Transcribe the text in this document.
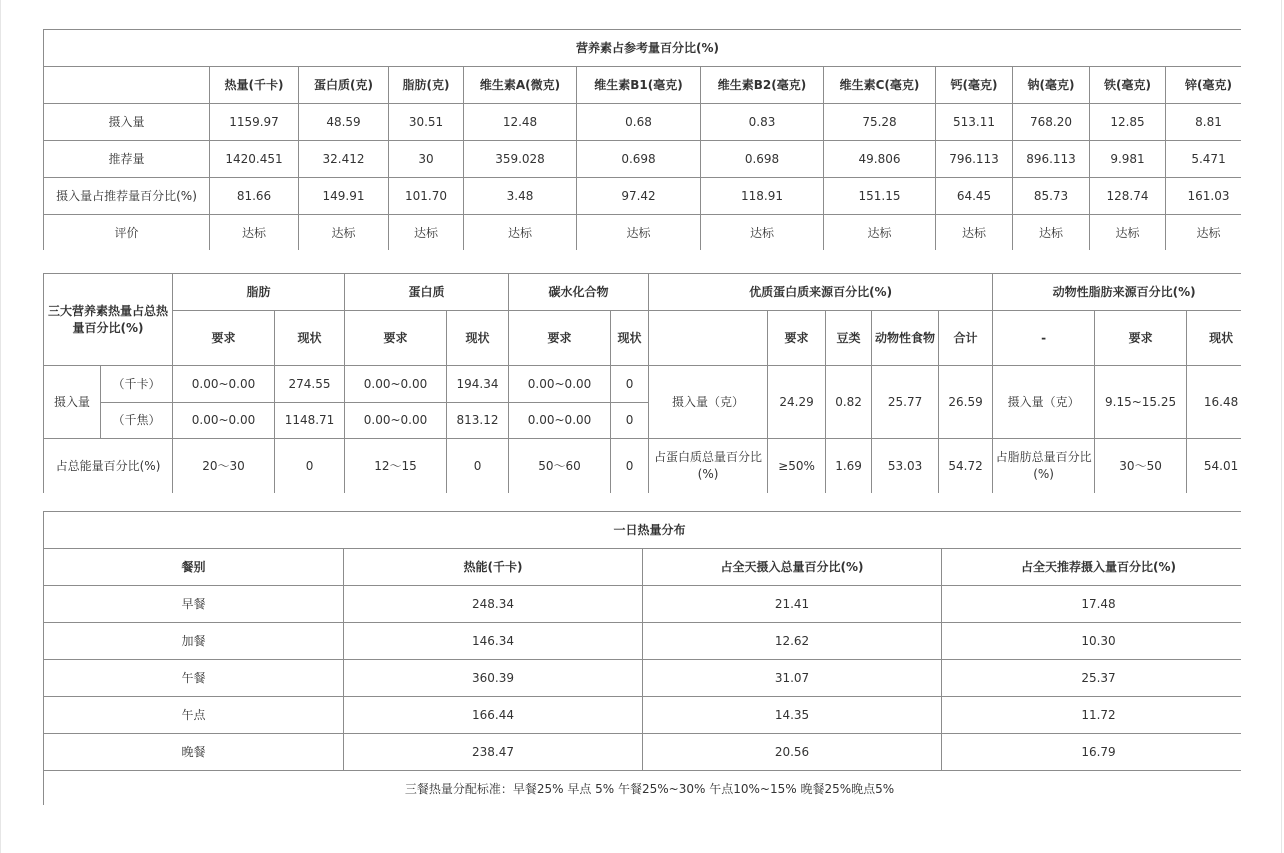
营养素占参考量百分比(%)											
	热量(千卡)	蛋白质(克)	脂肪(克)	维生素A(微克)	维生素B1(毫克)	维生素B2(毫克)	维生素C(毫克)	钙(毫克)	钠(毫克)	铁(毫克)	锌(毫克)
摄入量	1159.97	48.59	30.51	12.48	0.68	0.83	75.28	513.11	768.20	12.85	8.81
推荐量	1420.451	32.412	30	359.028	0.698	0.698	49.806	796.113	896.113	9.981	5.471
摄入量占推荐量百分比(%)	81.66	149.91	101.70	3.48	97.42	118.91	151.15	64.45	85.73	128.74	161.03
评价	达标	达标	达标	达标	达标	达标	达标	达标	达标	达标	达标
三大营养素热量占总热量百分比(%)		脂肪		蛋白质		碳水化合物		优质蛋白质来源百分比(%)					动物性脂肪来源百分比(%)		
		要求	现状	要求	现状	要求	现状		要求	豆类	动物性食物	合计	-	要求	现状
摄入量	（千卡）	0.00~0.00	274.55	0.00~0.00	194.34	0.00~0.00	0	摄入量（克）	24.29	0.82	25.77	26.59	摄入量（克）	9.15~15.25	16.48
	（千焦）	0.00~0.00	1148.71	0.00~0.00	813.12	0.00~0.00	0								
占总能量百分比(%)		20～30	0	12～15	0	50～60	0	占蛋白质总量百分比(%)	≥50%	1.69	53.03	54.72	占脂肪总量百分比(%)	30～50	54.01
一日热量分布			
餐别	热能(千卡)	占全天摄入总量百分比(%)	占全天推荐摄入量百分比(%)
早餐	248.34	21.41	17.48
加餐	146.34	12.62	10.30
午餐	360.39	31.07	25.37
午点	166.44	14.35	11.72
晚餐	238.47	20.56	16.79
三餐热量分配标准：早餐25% 早点 5% 午餐25%~30% 午点10%~15% 晚餐25%晚点5%			
